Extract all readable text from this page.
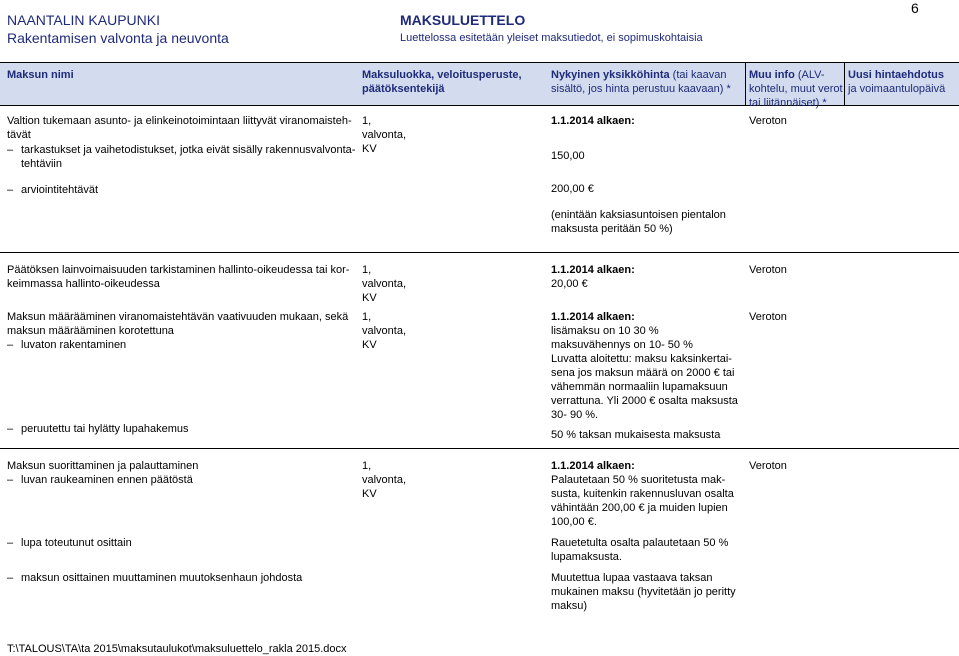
NAANTALIN KAUPUNKI
Rakentamisen valvonta ja neuvonta
MAKSULUETTELO
Luettelossa esitetään yleiset maksutiedot, ei sopimuskohtaisia
6
Maksun nimi	Maksuluokka, veloitusperuste,
päätöksentekijä
Nykyinen yksikköhinta (tai kaavan
sisältö, jos hinta perustuu kaavaan) *
Muu info (ALV-
kohtelu, muut verot
tai liitännäiset) *
Uusi hintaehdotus
ja voimaantulopäivä
Valtion tukemaan asunto- ja elinkeinotoimintaan liittyvät viranomaisteh-
tävät
– tarkastukset ja vaihetodistukset, jotka eivät sisälly rakennusvalvonta-
tehtäviin
– arviointitehtävät
1,
valvonta,
KV
1.1.2014 alkaen:
150,00
200,00 €
(enintään kaksiasuntoisen pientalon
maksusta peritään 50 %)
Veroton
Päätöksen lainvoimaisuuden tarkistaminen hallinto-oikeudessa tai kor-
keimmassa hallinto-oikeudessa
1,
valvonta,
KV
1.1.2014 alkaen:
20,00 €
Veroton
Maksun määrääminen viranomaistehtävän vaativuuden mukaan, sekä
maksun määrääminen korotettuna
– luvaton rakentaminen
– peruutettu tai hylätty lupahakemus
1,
valvonta,
KV
1.1.2014 alkaen:
lisämaksu on 10 30 %
maksuvähennys on 10- 50 %
Luvatta aloitettu: maksu kaksinkertai-
sena jos maksun määrä on 2000 € tai
vähemmän normaaliin lupamaksuun
verrattuna. Yli 2000 € osalta maksusta
30- 90 %.
50 % taksan mukaisesta maksusta
Veroton
Maksun suorittaminen ja palauttaminen
– luvan raukeaminen ennen päätöstä
– lupa toteutunut osittain
– maksun osittainen muuttaminen muutoksenhaun johdosta
1,
valvonta,
KV
1.1.2014 alkaen:
Palautetaan 50 % suoritetusta mak-
susta, kuitenkin rakennusluvan osalta
vähintään 200,00 € ja muiden lupien
100,00 €.
Rauetetulta osalta palautetaan 50 %
lupamaksusta.
Muutettua lupaa vastaava taksan
mukainen maksu (hyvitetään jo peritty
maksu)
Veroton
T:\TALOUS\TA\ta 2015\maksutaulukot\maksuluettelo_rakla 2015.docx
